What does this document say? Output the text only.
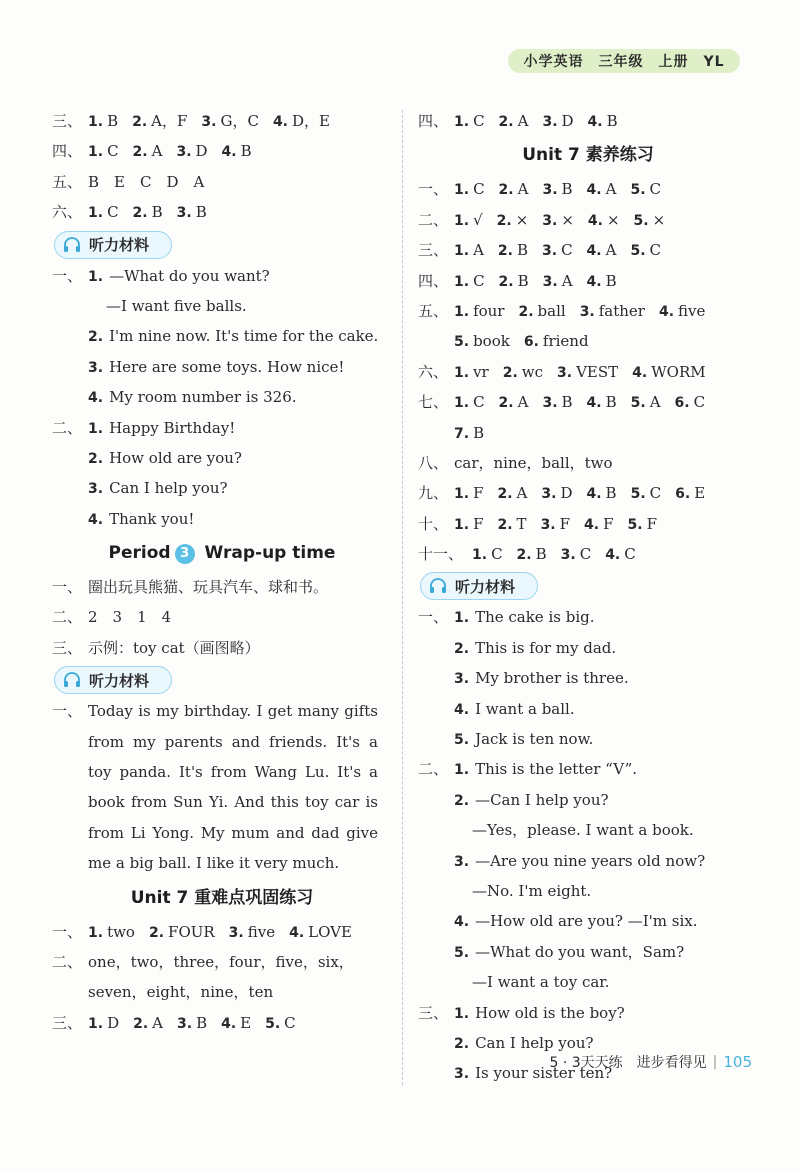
小学英语　三年级　上册　YL
三、 1. B 2. A，F 3. G，C 4. D，E
四、 1. C 2. A 3. D 4. B
五、 B　E　C　D　A
六、 1. C 2. B 3. B
听力材料
一、 1. —What do you want?
—I want five balls.
2. I'm nine now. It's time for the cake.
3. Here are some toys. How nice!
4. My room number is 326.
二、 1. Happy Birthday!
2. How old are you?
3. Can I help you?
4. Thank you!
Period 3 Wrap-up time
一、 圈出玩具熊猫、玩具汽车、球和书。
二、 2　3　1　4
三、 示例：toy cat（画图略）
听力材料
一、 Today is my birthday. I get many gifts from my parents and friends. It's a toy panda. It's from Wang Lu. It's a book from Sun Yi. And this toy car is from Li Yong. My mum and dad give me a big ball. I like it very much.
Unit 7 重难点巩固练习
一、 1. two 2. FOUR 3. five 4. LOVE
二、 one，two，three，four，five，six，
seven，eight，nine，ten
三、 1. D 2. A 3. B 4. E 5. C
四、 1. C 2. A 3. D 4. B
Unit 7 素养练习
一、 1. C 2. A 3. B 4. A 5. C
二、 1. √ 2. × 3. × 4. × 5. ×
三、 1. A 2. B 3. C 4. A 5. C
四、 1. C 2. B 3. A 4. B
五、 1. four 2. ball 3. father 4. five
5. book 6. friend
六、 1. vr 2. wc 3. VEST 4. WORM
七、 1. C 2. A 3. B 4. B 5. A 6. C
7. B
八、 car，nine，ball，two
九、 1. F 2. A 3. D 4. B 5. C 6. E
十、 1. F 2. T 3. F 4. F 5. F
十一、 1. C 2. B 3. C 4. C
听力材料
一、 1. The cake is big.
2. This is for my dad.
3. My brother is three.
4. I want a ball.
5. Jack is ten now.
二、 1. This is the letter “V”.
2. —Can I help you?
—Yes，please. I want a book.
3. —Are you nine years old now?
—No. I'm eight.
4. —How old are you? —I'm six.
5. —What do you want，Sam?
—I want a toy car.
三、 1. How old is the boy?
2. Can I help you?
3. Is your sister ten?
5 · 3天天练　进步看得见 | 105
